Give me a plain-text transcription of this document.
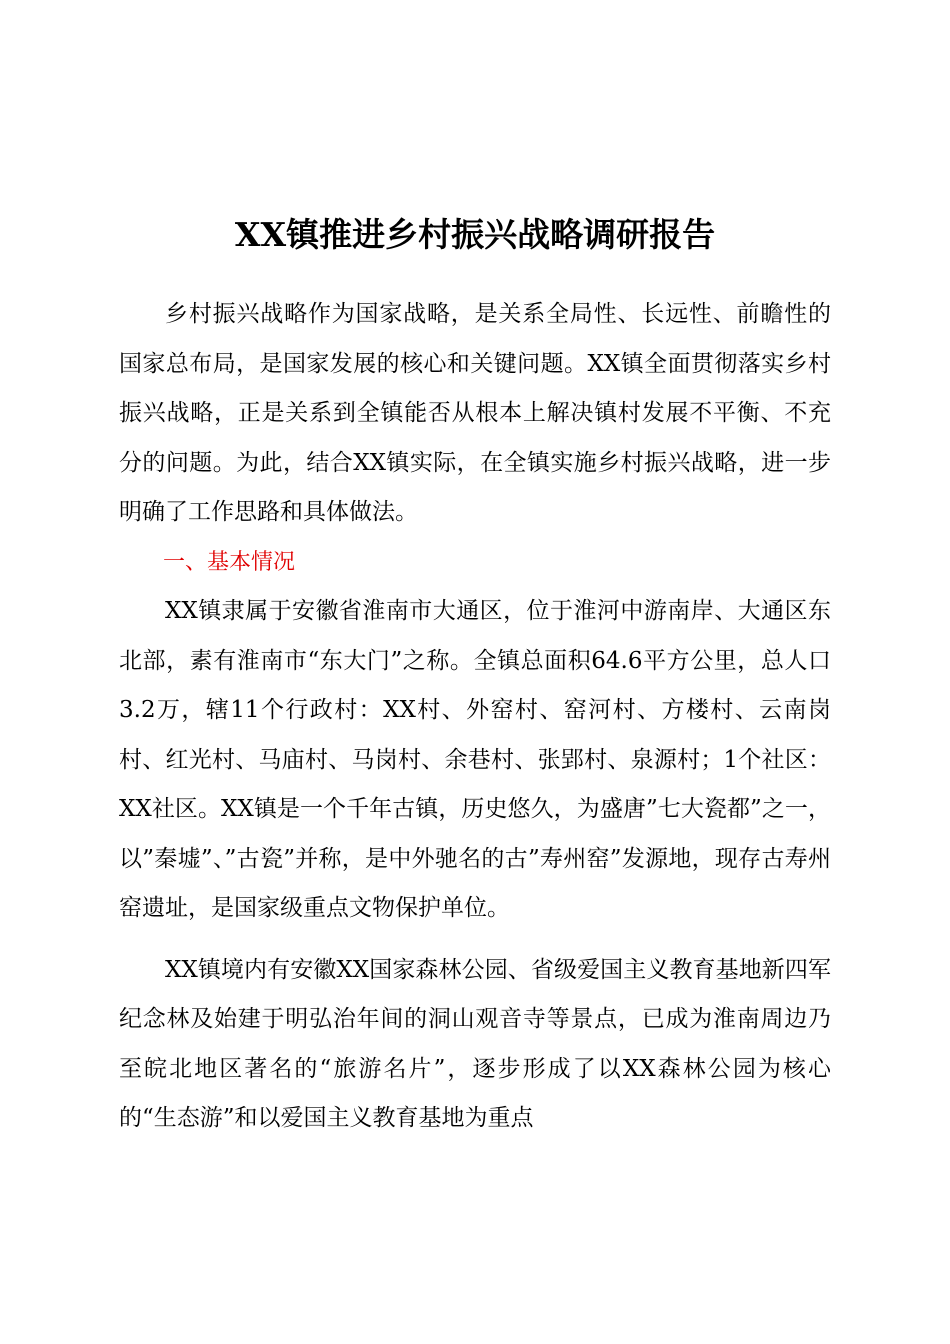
XX镇推进乡村振兴战略调研报告

乡村振兴战略作为国家战略，是关系全局性、长远性、前瞻性的国家总布局，是国家发展的核心和关键问题。XX镇全面贯彻落实乡村振兴战略，正是关系到全镇能否从根本上解决镇村发展不平衡、不充分的问题。为此，结合XX镇实际，在全镇实施乡村振兴战略，进一步明确了工作思路和具体做法。

一、基本情况

XX镇隶属于安徽省淮南市大通区，位于淮河中游南岸、大通区东北部，素有淮南市“东大门”之称。全镇总面积64.6平方公里，总人口3.2万，辖11个行政村：XX村、外窑村、窑河村、方楼村、云南岗村、红光村、马庙村、马岗村、余巷村、张郢村、泉源村；1个社区：XX社区。XX镇是一个千年古镇，历史悠久，为盛唐”七大瓷都”之一，以”秦墟”、”古瓷”并称，是中外驰名的古”寿州窑”发源地，现存古寿州窑遗址，是国家级重点文物保护单位。

XX镇境内有安徽XX国家森林公园、省级爱国主义教育基地新四军纪念林及始建于明弘治年间的洞山观音寺等景点，已成为淮南周边乃至皖北地区著名的“旅游名片”，逐步形成了以XX森林公园为核心的“生态游”和以爱国主义教育基地为重点
